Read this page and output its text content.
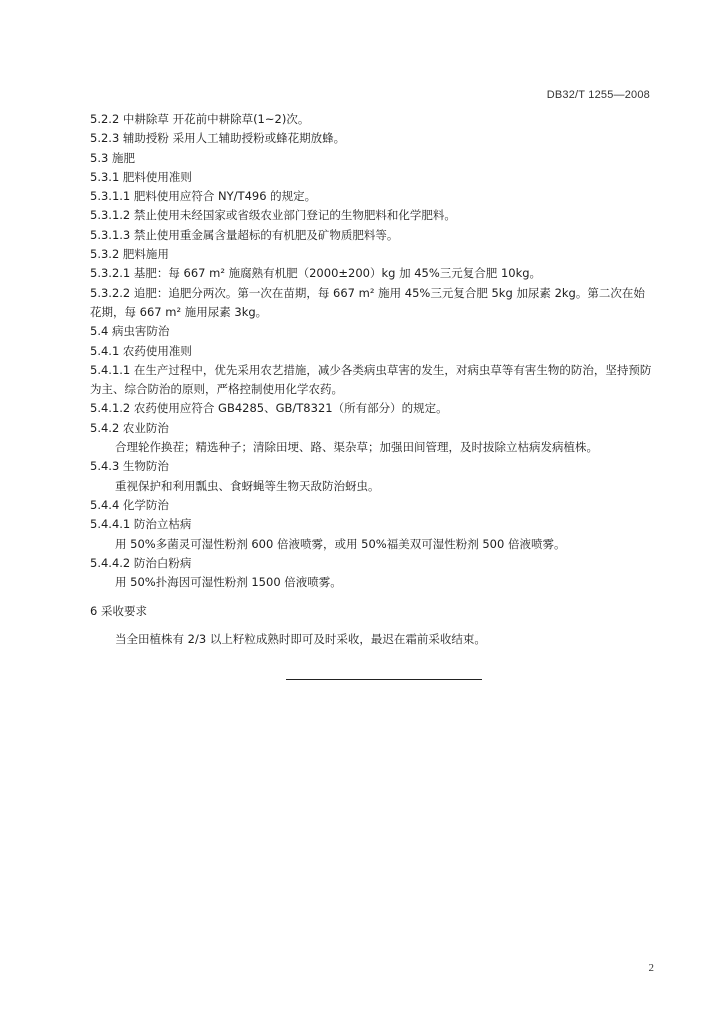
DB32/T 1255—2008
5.2.2 中耕除草 开花前中耕除草(1~2)次。
5.2.3 辅助授粉 采用人工辅助授粉或蜂花期放蜂。
5.3 施肥
5.3.1 肥料使用准则
5.3.1.1 肥料使用应符合 NY/T496 的规定。
5.3.1.2 禁止使用未经国家或省级农业部门登记的生物肥料和化学肥料。
5.3.1.3 禁止使用重金属含量超标的有机肥及矿物质肥料等。
5.3.2 肥料施用
5.3.2.1 基肥：每 667 m² 施腐熟有机肥（2000±200）kg 加 45%三元复合肥 10kg。
5.3.2.2 追肥：追肥分两次。第一次在苗期，每 667 m² 施用 45%三元复合肥 5kg 加尿素 2kg。第二次在始花期，每 667 m² 施用尿素 3kg。
5.4 病虫害防治
5.4.1 农药使用准则
5.4.1.1 在生产过程中，优先采用农艺措施，减少各类病虫草害的发生，对病虫草等有害生物的防治，坚持预防为主、综合防治的原则，严格控制使用化学农药。
5.4.1.2 农药使用应符合 GB4285、GB/T8321（所有部分）的规定。
5.4.2 农业防治
合理轮作换茬；精选种子；清除田埂、路、渠杂草；加强田间管理，及时拔除立枯病发病植株。
5.4.3 生物防治
重视保护和利用瓢虫、食蚜蝇等生物天敌防治蚜虫。
5.4.4 化学防治
5.4.4.1 防治立枯病
用 50%多菌灵可湿性粉剂 600 倍液喷雾，或用 50%福美双可湿性粉剂 500 倍液喷雾。
5.4.4.2 防治白粉病
用 50%扑海因可湿性粉剂 1500 倍液喷雾。
6 采收要求
当全田植株有 2/3 以上籽粒成熟时即可及时采收，最迟在霜前采收结束。
2
